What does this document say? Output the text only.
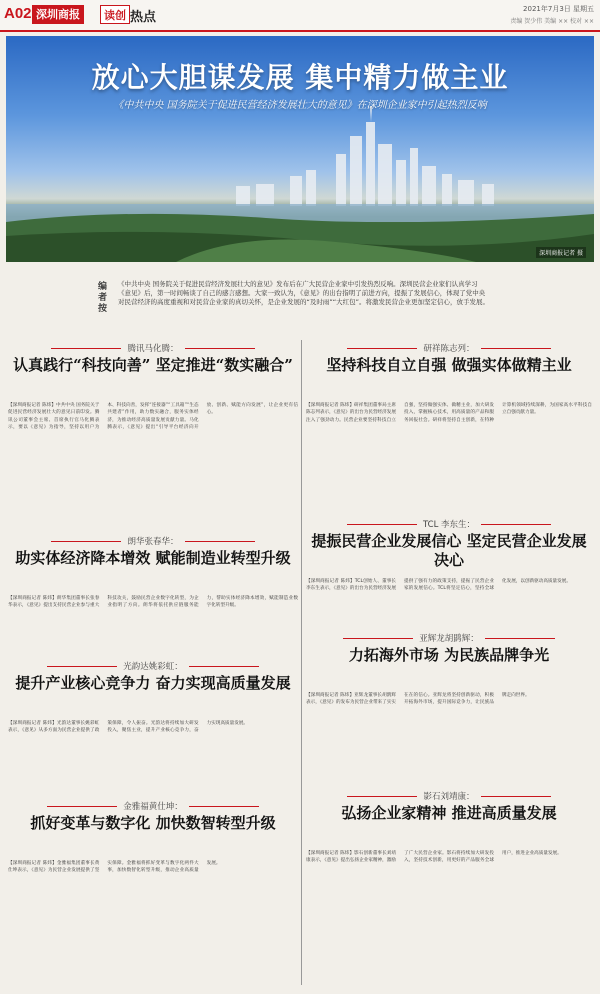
A02 深圳商报	读创 热点
2021年7月3日 星期五
责编 贺少伟 美编 ×× 校对 ××
放心大胆谋发展 集中精力做主业
《中共中央 国务院关于促进民营经济发展壮大的意见》在深圳企业家中引起热烈反响
深圳商报记者 摄
编者按
《中共中央 国务院关于促进民营经济发展壮大的意见》发布后在广大民营企业家中引发热烈反响。深圳民营企业家们认真学习《意见》后，第一时间畅谈了自己的感言感想。大家一致认为，《意见》的出台指明了前进方向，提振了发展信心，体现了党中央对民营经济的高度重视和对民营企业家的真切关怀，是企业发展的“及时雨”“大红包”。将激发民营企业更加坚定信心，放手发展。
腾讯马化腾：
认真践行“科技向善” 坚定推进“数实融合”
【深圳商报记者 陈炜】中共中央 国务院关于促进民营经济发展壮大的意见日前印发。腾讯公司董事会主席、首席执行官马化腾表示，要以《意见》为指导，坚持以用户为本、科技向善，发挥“连接器”“工具箱”“生态共建者”作用，助力数实融合，服务实体经济，为推动经济高质量发展贡献力量。马化腾表示，《意见》提出“引导平台经济向开放、创新、赋能方向发展”，让企业更有信心。
朗华张春华：
助实体经济降本增效 赋能制造业转型升级
【深圳商报记者 陈炜】朗华集团董事长张春华表示，《意见》提出支持民营企业参与重大科技攻关，鼓励民营企业数字化转型，为企业指明了方向。朗华将依托供应链服务能力，帮助实体经济降本增效，赋能制造业数字化转型升级。
光韵达姚彩虹：
提升产业核心竞争力 奋力实现高质量发展
【深圳商报记者 陈炜】光韵达董事长姚彩虹表示，《意见》从多方面为民营企业提供了政策保障，令人振奋。光韵达将持续加大研发投入，聚焦主业，提升产业核心竞争力，奋力实现高质量发展。
金雅福黄仕坤：
抓好变革与数字化 加快数智转型升级
【深圳商报记者 陈炜】金雅福集团董事长黄仕坤表示，《意见》为民营企业发展提供了坚实保障。金雅福将抓好变革与数字化两件大事，加快数智化转型升级，推动企业高质量发展。
研祥陈志列：
坚持科技自立自强 做强实体做精主业
【深圳商报记者 陈炜】研祥集团董事局主席陈志列表示，《意见》的出台为民营经济发展注入了强劲动力。民营企业要坚持科技自立自强，坚持做强实体、做精主业，加大研发投入，掌握核心技术，用高质量的产品和服务回报社会。研祥将坚持自主创新，在特种计算机领域持续深耕，为国家高水平科技自立自强贡献力量。
TCL 李东生：
提振民营企业发展信心 坚定民营企业发展决心
【深圳商报记者 陈炜】TCL创始人、董事长李东生表示，《意见》的出台为民营经济发展提供了强有力的政策支持，提振了民营企业家的发展信心。TCL将坚定信心，坚持全球化发展，以创新驱动高质量发展。
亚辉龙胡鹍辉：
力拓海外市场 为民族品牌争光
【深圳商报记者 陈炜】亚辉龙董事长胡鹍辉表示，《意见》的发布为民营企业带来了实实在在的信心。亚辉龙将坚持创新驱动，积极开拓海外市场，提升国际竞争力，让民族品牌走向世界。
影石刘靖康：
弘扬企业家精神 推进高质量发展
【深圳商报记者 陈炜】影石创新董事长刘靖康表示，《意见》提出弘扬企业家精神，激励了广大民营企业家。影石将持续加大研发投入，坚持技术创新，用更好的产品服务全球用户，推进企业高质量发展。
